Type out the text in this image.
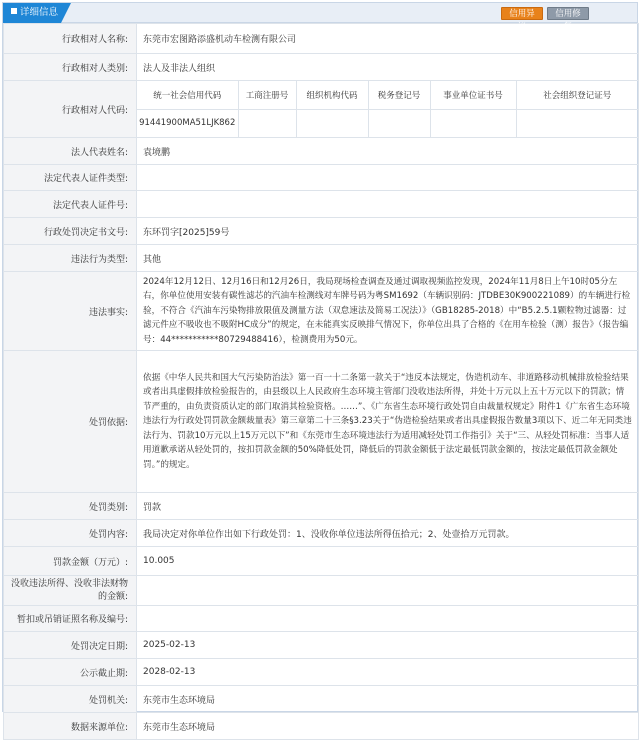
详细信息	信用异议
信用修复
行政相对人名称:	东莞市宏图路添盛机动车检测有限公司
行政相对人类别:	法人及非法人组织
行政相对人代码:	
统一社会信用代码	工商注册号	组织机构代码	税务登记号	事业单位证书号	社会组织登记证号
91441900MA51LJK862					

法人代表姓名:	袁境鹏
法定代表人证件类型:	
法定代表人证件号:	
行政处罚决定书文号:	东环罚字[2025]59号
违法行为类型:	其他
违法事实:	2024年12月12日、12月16日和12月26日，我局现场检查调查及通过调取视频监控发现，2024年11月8日上午10时05分左右，你单位使用安装有碳性滤芯的汽油车检测线对车牌号码为粤SM1692（车辆识别码：JTDBE30K900221089）的车辆进行检验，不符合《汽油车污染物排放限值及测量方法（双怠速法及简易工况法）》（GB18285-2018）中“B5.2.5.1颗粒物过滤器：过滤元件应不吸收也不吸附HC成分”的规定，在未能真实反映排气情况下，你单位出具了合格的《在用车检验（测）报告》（报告编号：44***********80729488416），检测费用为50元。
处罚依据:	依据《中华人民共和国大气污染防治法》第一百一十二条第一款关于“违反本法规定，伪造机动车、非道路移动机械排放检验结果或者出具虚假排放检验报告的，由县级以上人民政府生态环境主管部门没收违法所得，并处十万元以上五十万元以下的罚款；情节严重的，由负责资质认定的部门取消其检验资格。……”、《广东省生态环境行政处罚自由裁量权规定》附件1《广东省生态环境违法行为行政处罚罚款金额裁量表》第三章第二十三条§3.23关于“伪造检验结果或者出具虚假报告数量3项以下、近二年无同类违法行为、罚款10万元以上15万元以下”和《东莞市生态环境违法行为适用减轻处罚工作指引》关于“三、从轻处罚标准：当事人适用道歉承诺从轻处罚的，按扣罚款金额的50%降低处罚，降低后的罚款金额低于法定最低罚款金额的，按法定最低罚款金额处罚。”的规定。
处罚类别:	罚款
处罚内容:	我局决定对你单位作出如下行政处罚：1、没收你单位违法所得伍拾元；2、处壹拾万元罚款。
罚款金额（万元）:	10.005
没收违法所得、没收非法财物的金额:	
暂扣或吊销证照名称及编号:	
处罚决定日期:	2025-02-13
公示截止期:	2028-02-13
处罚机关:	东莞市生态环境局
数据来源单位:	东莞市生态环境局
